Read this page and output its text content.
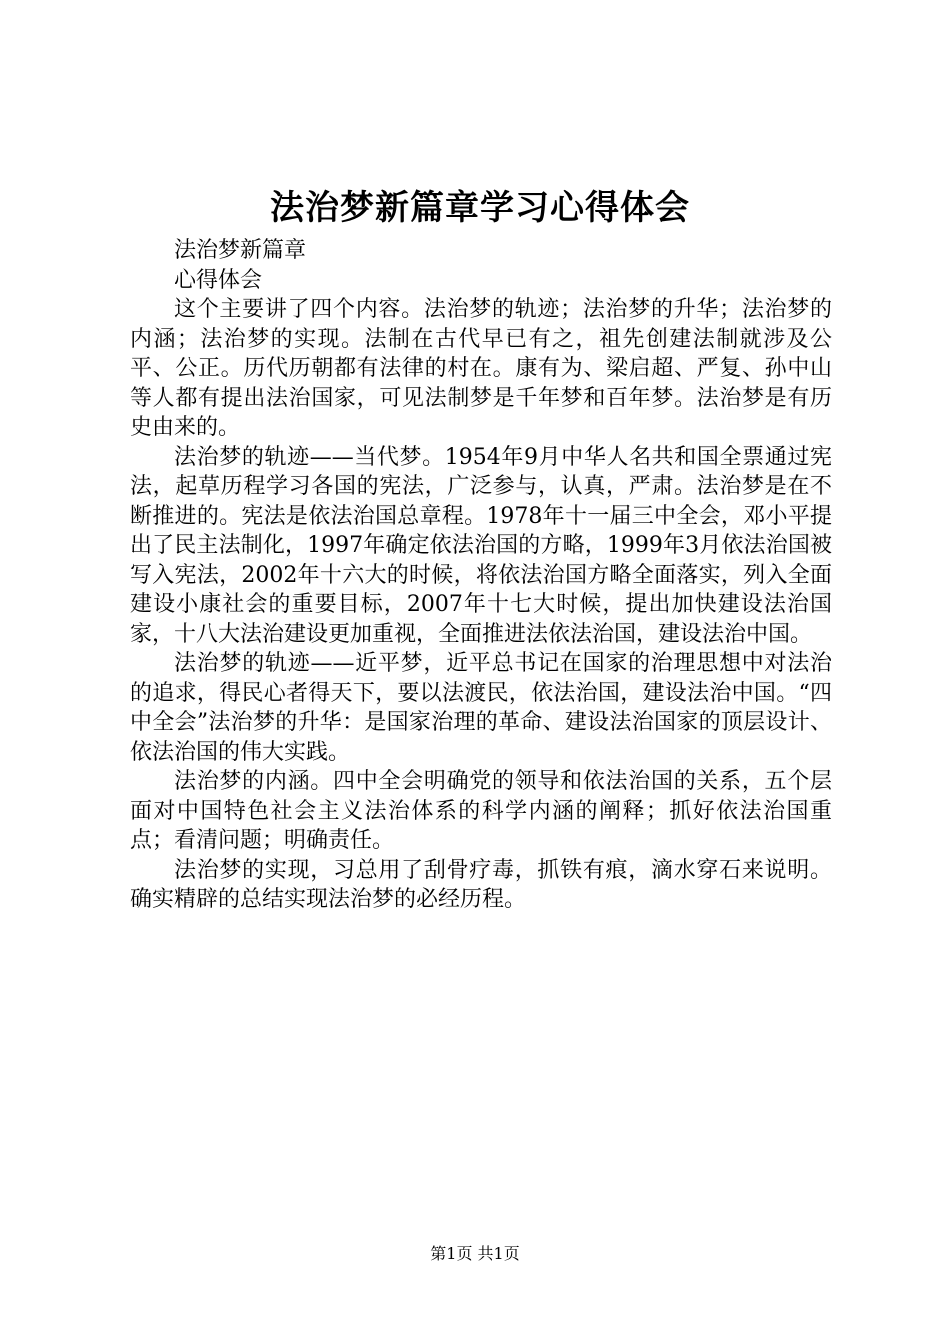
法治梦新篇章学习心得体会

法治梦新篇章

心得体会

这个主要讲了四个内容。法治梦的轨迹；法治梦的升华；法治梦的内涵；法治梦的实现。法制在古代早已有之，祖先创建法制就涉及公平、公正。历代历朝都有法律的村在。康有为、梁启超、严复、孙中山等人都有提出法治国家，可见法制梦是千年梦和百年梦。法治梦是有历史由来的。

法治梦的轨迹——当代梦。1954年9月中华人名共和国全票通过宪法，起草历程学习各国的宪法，广泛参与，认真，严肃。法治梦是在不断推进的。宪法是依法治国总章程。1978年十一届三中全会，邓小平提出了民主法制化，1997年确定依法治国的方略，1999年3月依法治国被写入宪法，2002年十六大的时候，将依法治国方略全面落实，列入全面建设小康社会的重要目标，2007年十七大时候，提出加快建设法治国家，十八大法治建设更加重视，全面推进法依法治国，建设法治中国。

法治梦的轨迹——近平梦，近平总书记在国家的治理思想中对法治的追求，得民心者得天下，要以法渡民，依法治国，建设法治中国。“四中全会”法治梦的升华：是国家治理的革命、建设法治国家的顶层设计、依法治国的伟大实践。

法治梦的内涵。四中全会明确党的领导和依法治国的关系，五个层面对中国特色社会主义法治体系的科学内涵的阐释；抓好依法治国重点；看清问题；明确责任。

法治梦的实现，习总用了刮骨疗毒，抓铁有痕，滴水穿石来说明。确实精辟的总结实现法治梦的必经历程。

第1页 共1页
